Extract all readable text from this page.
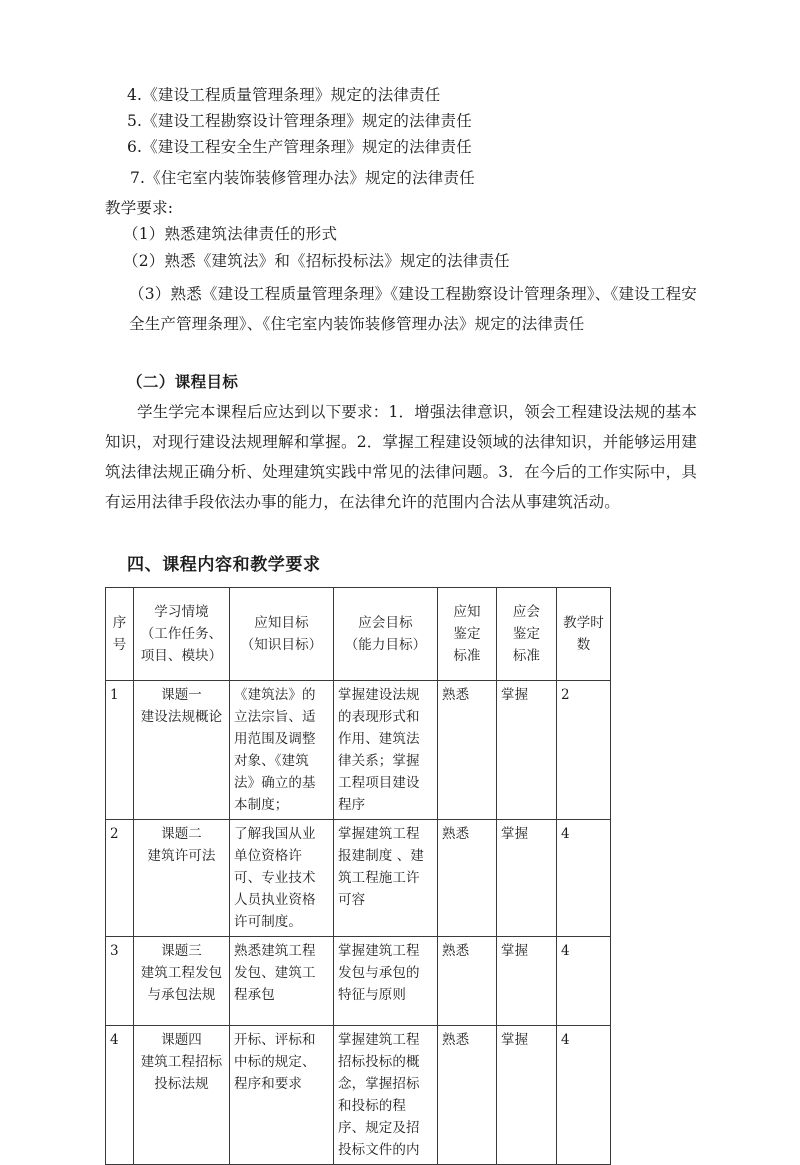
4.《建设工程质量管理条理》规定的法律责任
5.《建设工程勘察设计管理条理》规定的法律责任
6.《建设工程安全生产管理条理》规定的法律责任
7.《住宅室内装饰装修管理办法》规定的法律责任
教学要求:
（1）熟悉建筑法律责任的形式
（2）熟悉《建筑法》和《招标投标法》规定的法律责任
（3）熟悉《建设工程质量管理条理》《建设工程勘察设计管理条理》、《建设工程安全生产管理条理》、《住宅室内装饰装修管理办法》规定的法律责任
（二）课程目标
学生学完本课程后应达到以下要求：1．增强法律意识，领会工程建设法规的基本知识，对现行建设法规理解和掌握。2．掌握工程建设领域的法律知识，并能够运用建筑法律法规正确分析、处理建筑实践中常见的法律问题。3．在今后的工作实际中，具有运用法律手段依法办事的能力，在法律允许的范围内合法从事建筑活动。
四、课程内容和教学要求
序
号	学习情境
（工作任务、
项目、模块）	应知目标
（知识目标）	应会目标
（能力目标）	应知
鉴定
标准	应会
鉴定
标准	教学时数

1	课题一
建设法规概论	《建筑法》的立法宗旨、适用范围及调整对象、《建筑法》确立的基本制度；	掌握建设法规的表现形式和作用、建筑法律关系；掌握工程项目建设程序	熟悉	掌握	2
2	课题二
建筑许可法	了解我国从业单位资格许可、专业技术人员执业资格许可制度。	掌握建筑工程报建制度 、建筑工程施工许可容	熟悉	掌握	4
3	课题三
建筑工程发包与承包法规	熟悉建筑工程发包、建筑工程承包	掌握建筑工程发包与承包的特征与原则	熟悉	掌握	4
4	课题四
建筑工程招标投标法规	开标、评标和中标的规定、程序和要求	掌握建筑工程招标投标的概念，掌握招标和投标的程序、规定及招投标文件的内	熟悉	掌握	4
